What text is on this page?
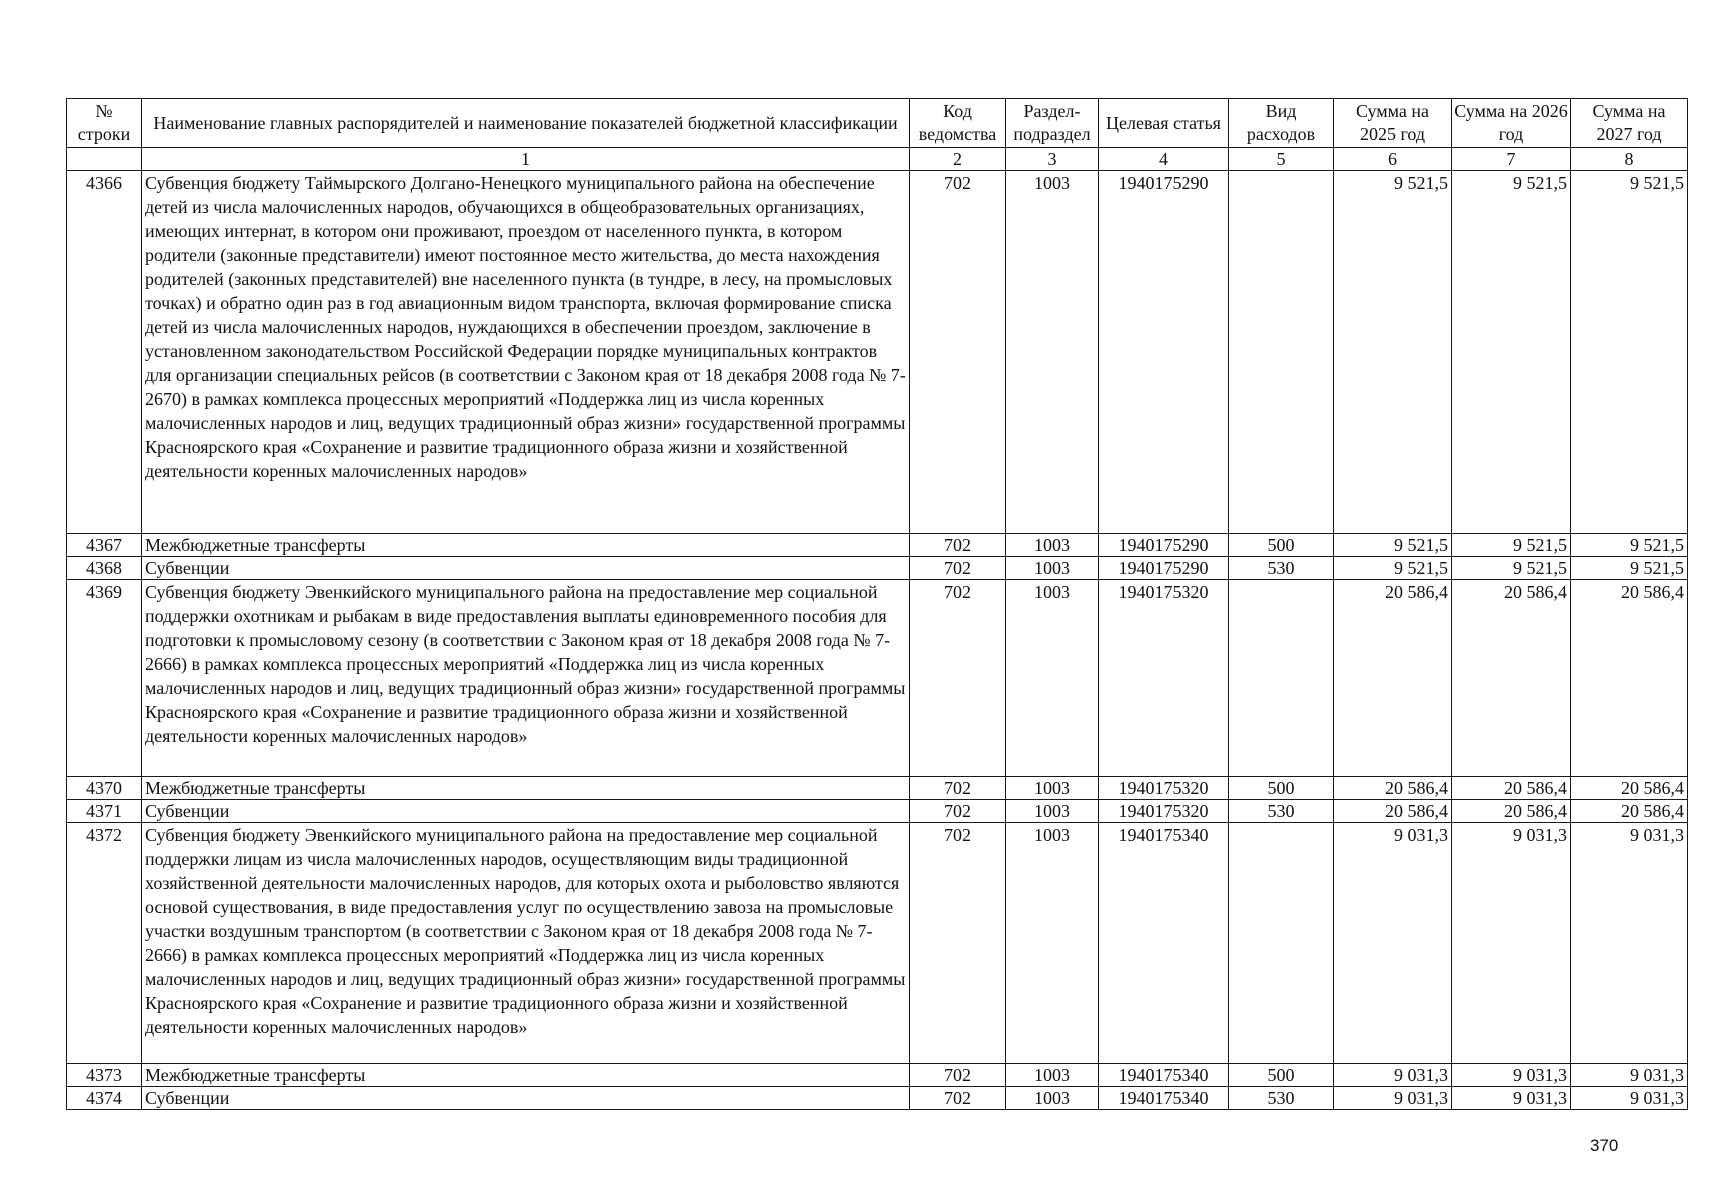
№ строки	Наименование главных распорядителей и наименование показателей бюджетной классификации	Код ведомства	Раздел-подраздел	Целевая статья	Вид расходов	Сумма на 2025 год	Сумма на 2026 год	Сумма на 2027 год
	1	2	3	4	5	6	7	8
4366	Субвенция бюджету Таймырского Долгано-Ненецкого муниципального района на обеспечение детей из числа малочисленных народов, обучающихся в общеобразовательных организациях, имеющих интернат, в котором они проживают, проездом от населенного пункта, в котором родители (законные представители) имеют постоянное место жительства, до места нахождения родителей (законных представителей) вне населенного пункта (в тундре, в лесу, на промысловых точках) и обратно один раз в год авиационным видом транспорта, включая формирование списка детей из числа малочисленных народов, нуждающихся в обеспечении проездом, заключение в установленном законодательством Российской Федерации порядке муниципальных контрактов для организации специальных рейсов (в соответствии с Законом края от 18 декабря 2008 года № 7-2670) в рамках комплекса процессных мероприятий «Поддержка лиц из числа коренных малочисленных народов и лиц, ведущих традиционный образ жизни» государственной программы Красноярского края «Сохранение и развитие традиционного образа жизни и хозяйственной деятельности коренных малочисленных народов»	702	1003	1940175290		9 521,5	9 521,5	9 521,5
4367	Межбюджетные трансферты	702	1003	1940175290	500	9 521,5	9 521,5	9 521,5
4368	Субвенции	702	1003	1940175290	530	9 521,5	9 521,5	9 521,5
4369	Субвенция бюджету Эвенкийского муниципального района на предоставление мер социальной поддержки охотникам и рыбакам в виде предоставления выплаты единовременного пособия для подготовки к промысловому сезону (в соответствии с Законом края от 18 декабря 2008 года № 7-2666) в рамках комплекса процессных мероприятий «Поддержка лиц из числа коренных малочисленных народов и лиц, ведущих традиционный образ жизни» государственной программы Красноярского края «Сохранение и развитие традиционного образа жизни и хозяйственной деятельности коренных малочисленных народов»	702	1003	1940175320		20 586,4	20 586,4	20 586,4
4370	Межбюджетные трансферты	702	1003	1940175320	500	20 586,4	20 586,4	20 586,4
4371	Субвенции	702	1003	1940175320	530	20 586,4	20 586,4	20 586,4
4372	Субвенция бюджету Эвенкийского муниципального района на предоставление мер социальной поддержки лицам из числа малочисленных народов, осуществляющим виды традиционной хозяйственной деятельности малочисленных народов, для которых охота и рыболовство являются основой существования, в виде предоставления услуг по осуществлению завоза на промысловые участки воздушным транспортом (в соответствии с Законом края от 18 декабря 2008 года № 7-2666) в рамках комплекса процессных мероприятий «Поддержка лиц из числа коренных малочисленных народов и лиц, ведущих традиционный образ жизни» государственной программы Красноярского края «Сохранение и развитие традиционного образа жизни и хозяйственной деятельности коренных малочисленных народов»	702	1003	1940175340		9 031,3	9 031,3	9 031,3
4373	Межбюджетные трансферты	702	1003	1940175340	500	9 031,3	9 031,3	9 031,3
4374	Субвенции	702	1003	1940175340	530	9 031,3	9 031,3	9 031,3
370
